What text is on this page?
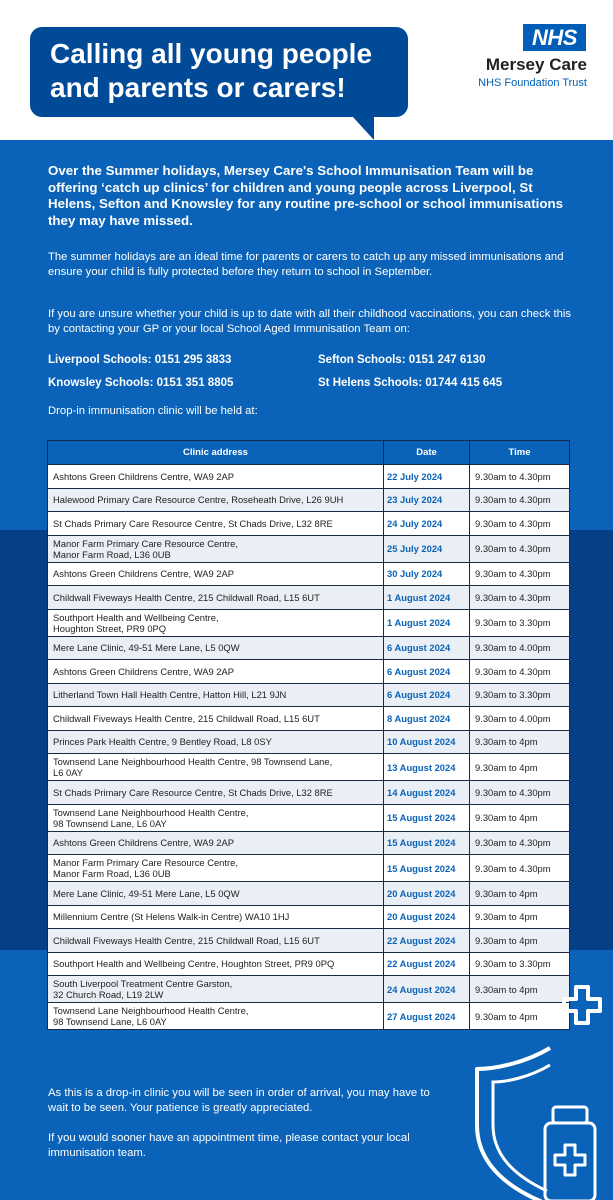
Calling all young people and parents or carers!
NHS
Mersey Care
NHS Foundation Trust
Over the Summer holidays, Mersey Care's School Immunisation Team will be offering ‘catch up clinics’ for children and young people across Liverpool, St Helens, Sefton and Knowsley for any routine pre-school or school immunisations they may have missed.
The summer holidays are an ideal time for parents or carers to catch up any missed immunisations and ensure your child is fully protected before they return to school in September.
If you are unsure whether your child is up to date with all their childhood vaccinations, you can check this by contacting your GP or your local School Aged Immunisation Team on:
Liverpool Schools: 0151 295 3833	Sefton Schools: 0151 247 6130
Knowsley Schools: 0151 351 8805	St Helens Schools: 01744 415 645
Drop-in immunisation clinic will be held at:
Clinic address	Date	Time
Ashtons Green Childrens Centre, WA9 2AP	22 July 2024	9.30am to 4.30pm
Halewood Primary Care Resource Centre, Roseheath Drive, L26 9UH	23 July 2024	9.30am to 4.30pm
St Chads Primary Care Resource Centre, St Chads Drive, L32 8RE	24 July 2024	9.30am to 4.30pm
Manor Farm Primary Care Resource Centre,
Manor Farm Road, L36 0UB	25 July 2024	9.30am to 4.30pm
Ashtons Green Childrens Centre, WA9 2AP	30 July 2024	9.30am to 4.30pm
Childwall Fiveways Health Centre, 215 Childwall Road, L15 6UT	1 August 2024	9.30am to 4.30pm
Southport Health and Wellbeing Centre,
Houghton Street, PR9 0PQ	1 August 2024	9.30am to 3.30pm
Mere Lane Clinic, 49-51 Mere Lane, L5 0QW	6 August 2024	9.30am to 4.00pm
Ashtons Green Childrens Centre, WA9 2AP	6 August 2024	9.30am to 4.30pm
Litherland Town Hall Health Centre, Hatton Hill, L21 9JN	6 August 2024	9.30am to 3.30pm
Childwall Fiveways Health Centre, 215 Childwall Road, L15 6UT	8 August 2024	9.30am to 4.00pm
Princes Park Health Centre, 9 Bentley Road, L8 0SY	10 August 2024	9.30am to 4pm
Townsend Lane Neighbourhood Health Centre, 98 Townsend Lane,
L6 0AY	13 August 2024	9.30am to 4pm
St Chads Primary Care Resource Centre, St Chads Drive, L32 8RE	14 August 2024	9.30am to 4.30pm
Townsend Lane Neighbourhood Health Centre,
98 Townsend Lane, L6 0AY	15 August 2024	9.30am to 4pm
Ashtons Green Childrens Centre, WA9 2AP	15 August 2024	9.30am to 4.30pm
Manor Farm Primary Care Resource Centre,
Manor Farm Road, L36 0UB	15 August 2024	9.30am to 4.30pm
Mere Lane Clinic, 49-51 Mere Lane, L5 0QW	20 August 2024	9.30am to 4pm
Millennium Centre (St Helens Walk-in Centre) WA10 1HJ	20 August 2024	9.30am to 4pm
Childwall Fiveways Health Centre, 215 Childwall Road, L15 6UT	22 August 2024	9.30am to 4pm
Southport Health and Wellbeing Centre, Houghton Street, PR9 0PQ	22 August 2024	9.30am to 3.30pm
South Liverpool Treatment Centre Garston,
32 Church Road, L19 2LW	24 August 2024	9.30am to 4pm
Townsend Lane Neighbourhood Health Centre,
98 Townsend Lane, L6 0AY	27 August 2024	9.30am to 4pm
As this is a drop-in clinic you will be seen in order of arrival, you may have to wait to be seen. Your patience is greatly appreciated.
If you would sooner have an appointment time, please contact your local immunisation team.
